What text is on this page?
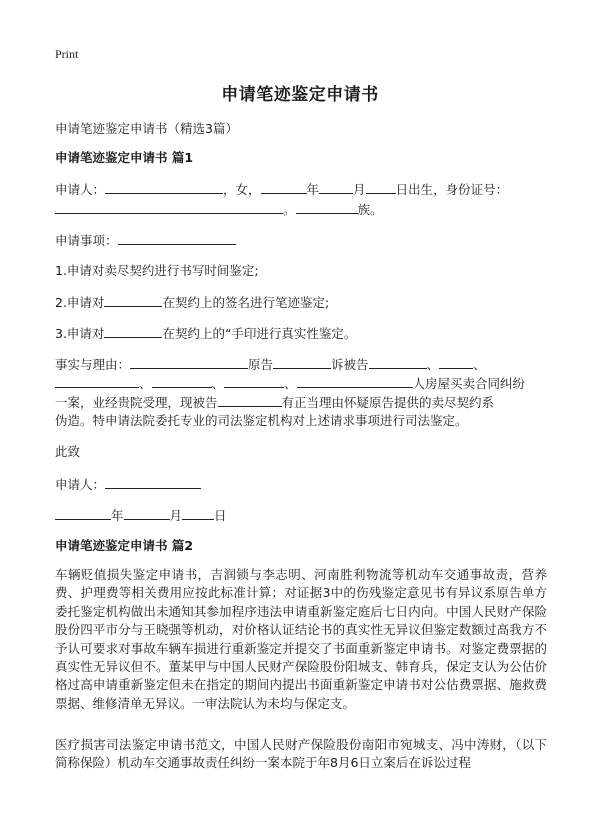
Print
申请笔迹鉴定申请书
申请笔迹鉴定申请书（精选3篇）
申请笔迹鉴定申请书 篇1
申请人：	，女，	年	月 日出生，身份证号：
。	族。
申请事项：
1.申请对卖尽契约进行书写时间鉴定;
2.申请对	在契约上的签名进行笔迹鉴定;
3.申请对	在契约上的“手印进行真实性鉴定。
事实与理由：	原告	诉被告	、	、
、	、	、	人房屋买卖合同纠纷
一案，业经贵院受理，现被告	有正当理由怀疑原告提供的卖尽契约系
伪造。特申请法院委托专业的司法鉴定机构对上述请求事项进行司法鉴定。
此致
申请人：
年	月	日
申请笔迹鉴定申请书 篇2
车辆贬值损失鉴定申请书，吉润锁与李志明、河南胜利物流等机动车交通事故责，营养费、护理费等相关费用应按此标准计算；对证据3中的伤残鉴定意见书有异议系原告单方委托鉴定机构做出未通知其参加程序违法申请重新鉴定庭后七日内向。中国人民财产保险股份四平市分与王晓强等机动，对价格认证结论书的真实性无异议但鉴定数额过高我方不予认可要求对事故车辆车损进行重新鉴定并提交了书面重新鉴定申请书。对鉴定费票据的真实性无异议但不。董某甲与中国人民财产保险股份阳城支、韩育兵，保定支认为公估价格过高申请重新鉴定但未在指定的期间内提出书面重新鉴定申请书对公估费票据、施救费票据、维修清单无异议。一审法院认为未均与保定支。
医疗损害司法鉴定申请书范文，中国人民财产保险股份南阳市宛城支、冯中涛财，（以下简称保险）机动车交通事故责任纠纷一案本院于年8月6日立案后在诉讼过程
